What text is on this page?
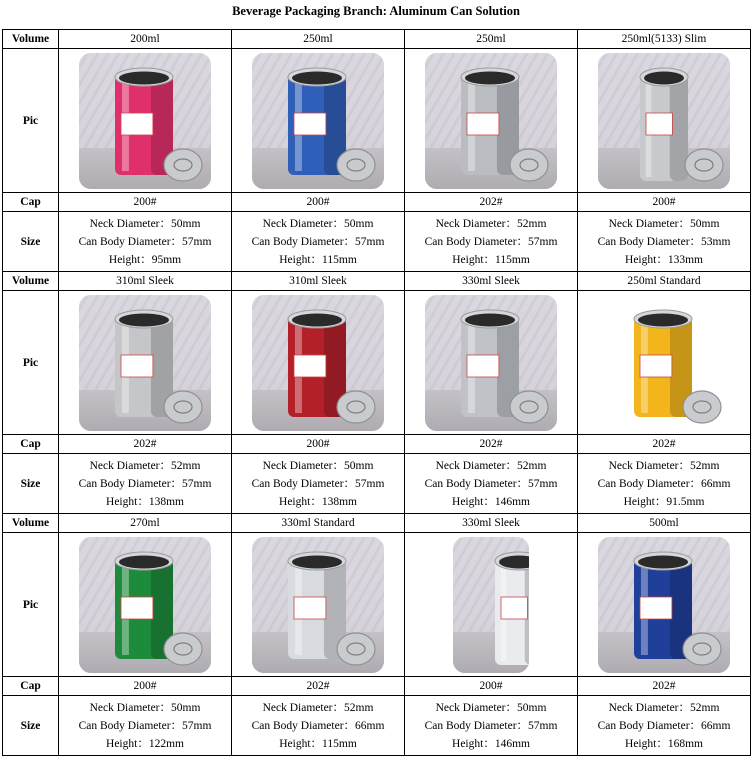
Beverage Packaging Branch: Aluminum Can Solution
Volume	200ml	250ml	250ml	250ml(5133) Slim
Pic	

Cap	200#	200#	202#	200#
Size	Neck Diameter：50mm
Can Body Diameter：57mm
Height：95mm	Neck Diameter：50mm
Can Body Diameter：57mm
Height：115mm	Neck Diameter：52mm
Can Body Diameter：57mm
Height：115mm	Neck Diameter：50mm
Can Body Diameter：53mm
Height：133mm

Volume	310ml Sleek	310ml Sleek	330ml Sleek	250ml Standard
Pic	

Cap	202#	200#	202#	202#
Size	Neck Diameter：52mm
Can Body Diameter：57mm
Height：138mm	Neck Diameter：50mm
Can Body Diameter：57mm
Height：138mm	Neck Diameter：52mm
Can Body Diameter：57mm
Height：146mm	Neck Diameter：52mm
Can Body Diameter：66mm
Height：91.5mm

Volume	270ml	330ml Standard	330ml Sleek	500ml
Pic	

Cap	200#	202#	200#	202#
Size	Neck Diameter：50mm
Can Body Diameter：57mm
Height：122mm	Neck Diameter：52mm
Can Body Diameter：66mm
Height：115mm	Neck Diameter：50mm
Can Body Diameter：57mm
Height：146mm	Neck Diameter：52mm
Can Body Diameter：66mm
Height：168mm
